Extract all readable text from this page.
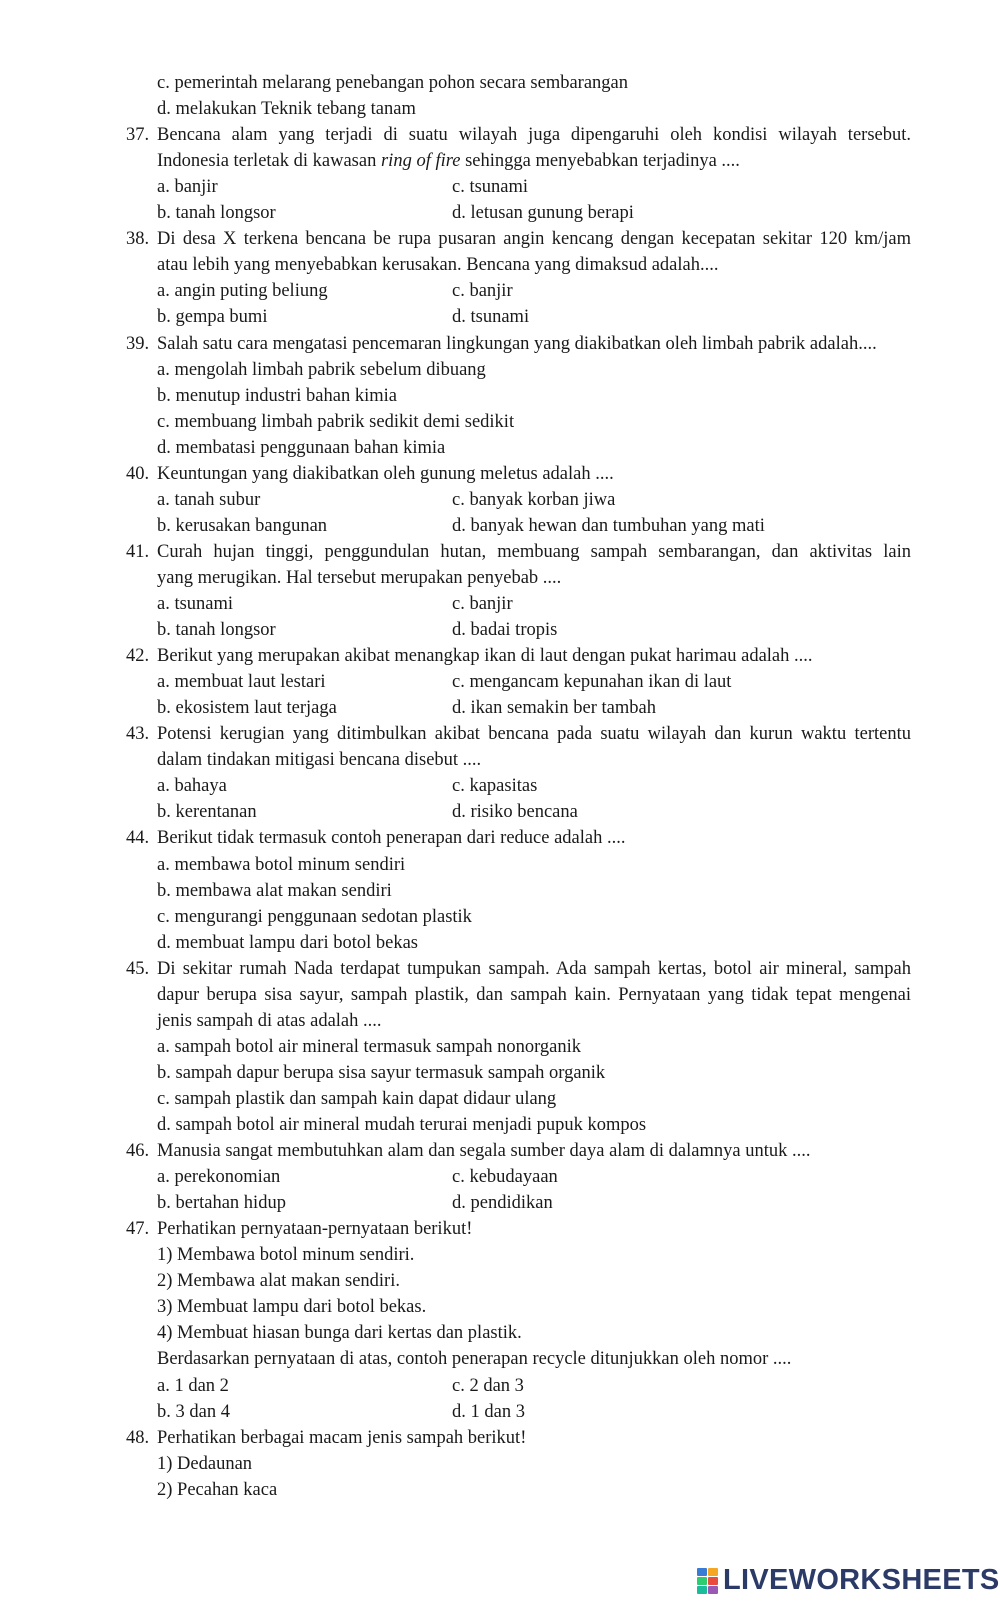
c. pemerintah melarang penebangan pohon secara sembarangan
d. melakukan Teknik tebang tanam
37. Bencana alam yang terjadi di suatu wilayah juga dipengaruhi oleh kondisi wilayah tersebut.
Indonesia terletak di kawasan ring of fire sehingga menyebabkan terjadinya ....
a. banjir	c. tsunami
b. tanah longsor	d. letusan gunung berapi
38. Di desa X terkena bencana be rupa pusaran angin kencang dengan kecepatan sekitar 120 km/jam
atau lebih yang menyebabkan kerusakan. Bencana yang dimaksud adalah....
a. angin puting beliung	c. banjir
b. gempa bumi	d. tsunami
39. Salah satu cara mengatasi pencemaran lingkungan yang diakibatkan oleh limbah pabrik adalah....
a. mengolah limbah pabrik sebelum dibuang
b. menutup industri bahan kimia
c. membuang limbah pabrik sedikit demi sedikit
d. membatasi penggunaan bahan kimia
40. Keuntungan yang diakibatkan oleh gunung meletus adalah ....
a. tanah subur	c. banyak korban jiwa
b. kerusakan bangunan	d. banyak hewan dan tumbuhan yang mati
41. Curah hujan tinggi, penggundulan hutan, membuang sampah sembarangan, dan aktivitas lain
yang merugikan. Hal tersebut merupakan penyebab ....
a. tsunami	c. banjir
b. tanah longsor	d. badai tropis
42. Berikut yang merupakan akibat menangkap ikan di laut dengan pukat harimau adalah ....
a. membuat laut lestari	c. mengancam kepunahan ikan di laut
b. ekosistem laut terjaga	d. ikan semakin ber tambah
43. Potensi kerugian yang ditimbulkan akibat bencana pada suatu wilayah dan kurun waktu tertentu
dalam tindakan mitigasi bencana disebut ....
a. bahaya	c. kapasitas
b. kerentanan	d. risiko bencana
44. Berikut tidak termasuk contoh penerapan dari reduce adalah ....
a. membawa botol minum sendiri
b. membawa alat makan sendiri
c. mengurangi penggunaan sedotan plastik
d. membuat lampu dari botol bekas
45. Di sekitar rumah Nada terdapat tumpukan sampah. Ada sampah kertas, botol air mineral, sampah
dapur berupa sisa sayur, sampah plastik, dan sampah kain. Pernyataan yang tidak tepat mengenai
jenis sampah di atas adalah ....
a. sampah botol air mineral termasuk sampah nonorganik
b. sampah dapur berupa sisa sayur termasuk sampah organik
c. sampah plastik dan sampah kain dapat didaur ulang
d. sampah botol air mineral mudah terurai menjadi pupuk kompos
46. Manusia sangat membutuhkan alam dan segala sumber daya alam di dalamnya untuk ....
a. perekonomian	c. kebudayaan
b. bertahan hidup	d. pendidikan
47. Perhatikan pernyataan-pernyataan berikut!
1) Membawa botol minum sendiri.
2) Membawa alat makan sendiri.
3) Membuat lampu dari botol bekas.
4) Membuat hiasan bunga dari kertas dan plastik.
Berdasarkan pernyataan di atas, contoh penerapan recycle ditunjukkan oleh nomor ....
a. 1 dan 2	c. 2 dan 3
b. 3 dan 4	d. 1 dan 3
48. Perhatikan berbagai macam jenis sampah berikut!
1) Dedaunan
2) Pecahan kaca
LIVEWORKSHEETS
